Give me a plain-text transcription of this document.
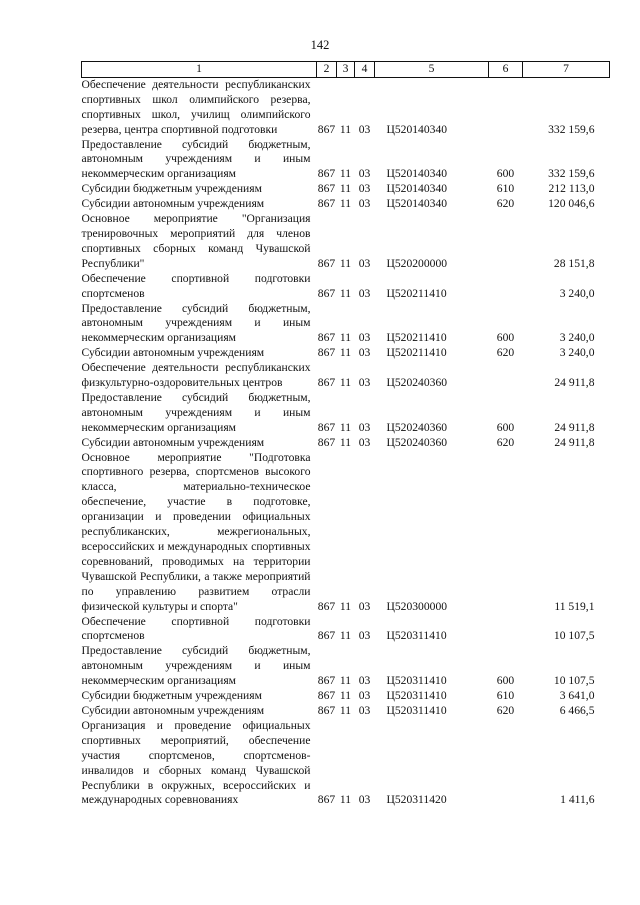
142
1	2	3	4	5	6	7
Обеспечение деятельности республиканских спортивных школ олимпийского резерва, спортивных школ, училищ олимпийского резерва, центра спортивной подготовки	867	11	03	Ц520140340		332 159,6
Предоставление субсидий бюджетным, автономным учреждениям и иным некоммерческим организациям	867	11	03	Ц520140340	600	332 159,6
Субсидии бюджетным учреждениям	867	11	03	Ц520140340	610	212 113,0
Субсидии автономным учреждениям	867	11	03	Ц520140340	620	120 046,6
Основное мероприятие "Организация тренировочных мероприятий для членов спортивных сборных команд Чувашской Республики"	867	11	03	Ц520200000		28 151,8
Обеспечение спортивной подготовки спортсменов	867	11	03	Ц520211410		3 240,0
Предоставление субсидий бюджетным, автономным учреждениям и иным некоммерческим организациям	867	11	03	Ц520211410	600	3 240,0
Субсидии автономным учреждениям	867	11	03	Ц520211410	620	3 240,0
Обеспечение деятельности республиканских физкультурно-оздоровительных центров	867	11	03	Ц520240360		24 911,8
Предоставление субсидий бюджетным, автономным учреждениям и иным некоммерческим организациям	867	11	03	Ц520240360	600	24 911,8
Субсидии автономным учреждениям	867	11	03	Ц520240360	620	24 911,8
Основное мероприятие "Подготовка спортивного резерва, спортсменов высокого класса, материально-техническое обеспечение, участие в подготовке, организации и проведении официальных республиканских, межрегиональных, всероссийских и международных спортивных соревнований, проводимых на территории Чувашской Республики, а также мероприятий по управлению развитием отрасли физической культуры и спорта"	867	11	03	Ц520300000		11 519,1
Обеспечение спортивной подготовки спортсменов	867	11	03	Ц520311410		10 107,5
Предоставление субсидий бюджетным, автономным учреждениям и иным некоммерческим организациям	867	11	03	Ц520311410	600	10 107,5
Субсидии бюджетным учреждениям	867	11	03	Ц520311410	610	3 641,0
Субсидии автономным учреждениям	867	11	03	Ц520311410	620	6 466,5
Организация и проведение официальных спортивных мероприятий, обеспечение участия спортсменов, спортсменов-инвалидов и сборных команд Чувашской Республики в окружных, всероссийских и международных соревнованиях	867	11	03	Ц520311420		1 411,6
